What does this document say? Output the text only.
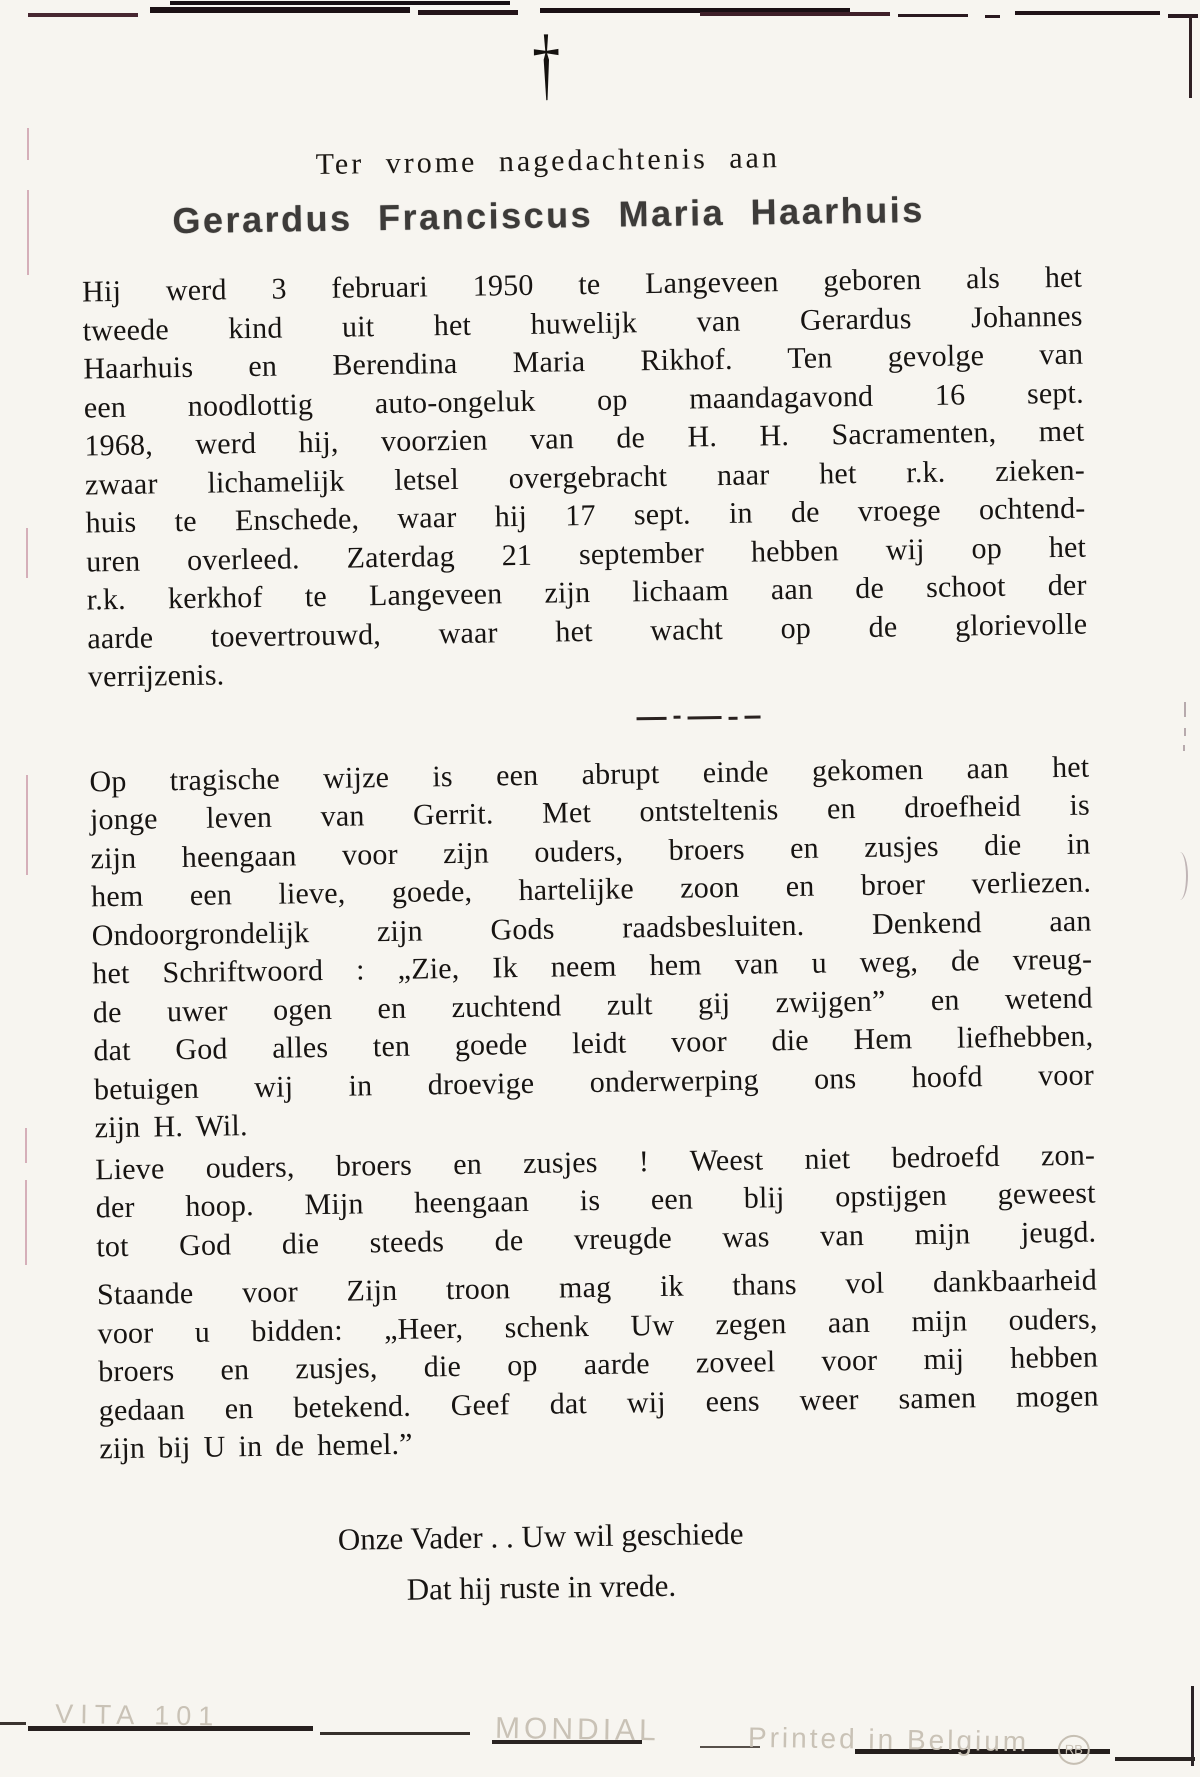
†
Ter vrome nagedachtenis aan
Gerardus Franciscus Maria Haarhuis
Hij werd 3 februari 1950 te Langeveen geboren als het
tweede kind uit het huwelijk van Gerardus Johannes
Haarhuis en Berendina Maria Rikhof. Ten gevolge van
een noodlottig auto-ongeluk op maandagavond 16 sept.
1968, werd hij, voorzien van de H. H. Sacramenten, met
zwaar lichamelijk letsel overgebracht naar het r.k. zieken-
huis te Enschede, waar hij 17 sept. in de vroege ochtend-
uren overleed. Zaterdag 21 september hebben wij op het
r.k. kerkhof te Langeveen zijn lichaam aan de schoot der
aarde toevertrouwd, waar het wacht op de glorievolle
verrijzenis.
Op tragische wijze is een abrupt einde gekomen aan het
jonge leven van Gerrit. Met ontsteltenis en droefheid is
zijn heengaan voor zijn ouders, broers en zusjes die in
hem een lieve, goede, hartelijke zoon en broer verliezen.
Ondoorgrondelijk zijn Gods raadsbesluiten. Denkend aan
het Schriftwoord : „Zie, Ik neem hem van u weg, de vreug-
de uwer ogen en zuchtend zult gij zwijgen” en wetend
dat God alles ten goede leidt voor die Hem liefhebben,
betuigen wij in droevige onderwerping ons hoofd voor
zijn H. Wil.
Lieve ouders, broers en zusjes ! Weest niet bedroefd zon-
der hoop. Mijn heengaan is een blij opstijgen geweest
tot God die steeds de vreugde was van mijn jeugd.
Staande voor Zijn troon mag ik thans vol dankbaarheid
voor u bidden: „Heer, schenk Uw zegen aan mijn ouders,
broers en zusjes, die op aarde zoveel voor mij hebben
gedaan en betekend. Geef dat wij eens weer samen mogen
zijn bij U in de hemel.”
Onze Vader . . Uw wil geschiede
Dat hij ruste in vrede.
VITA 101	MONDIAL	Printed in Belgium	RB
